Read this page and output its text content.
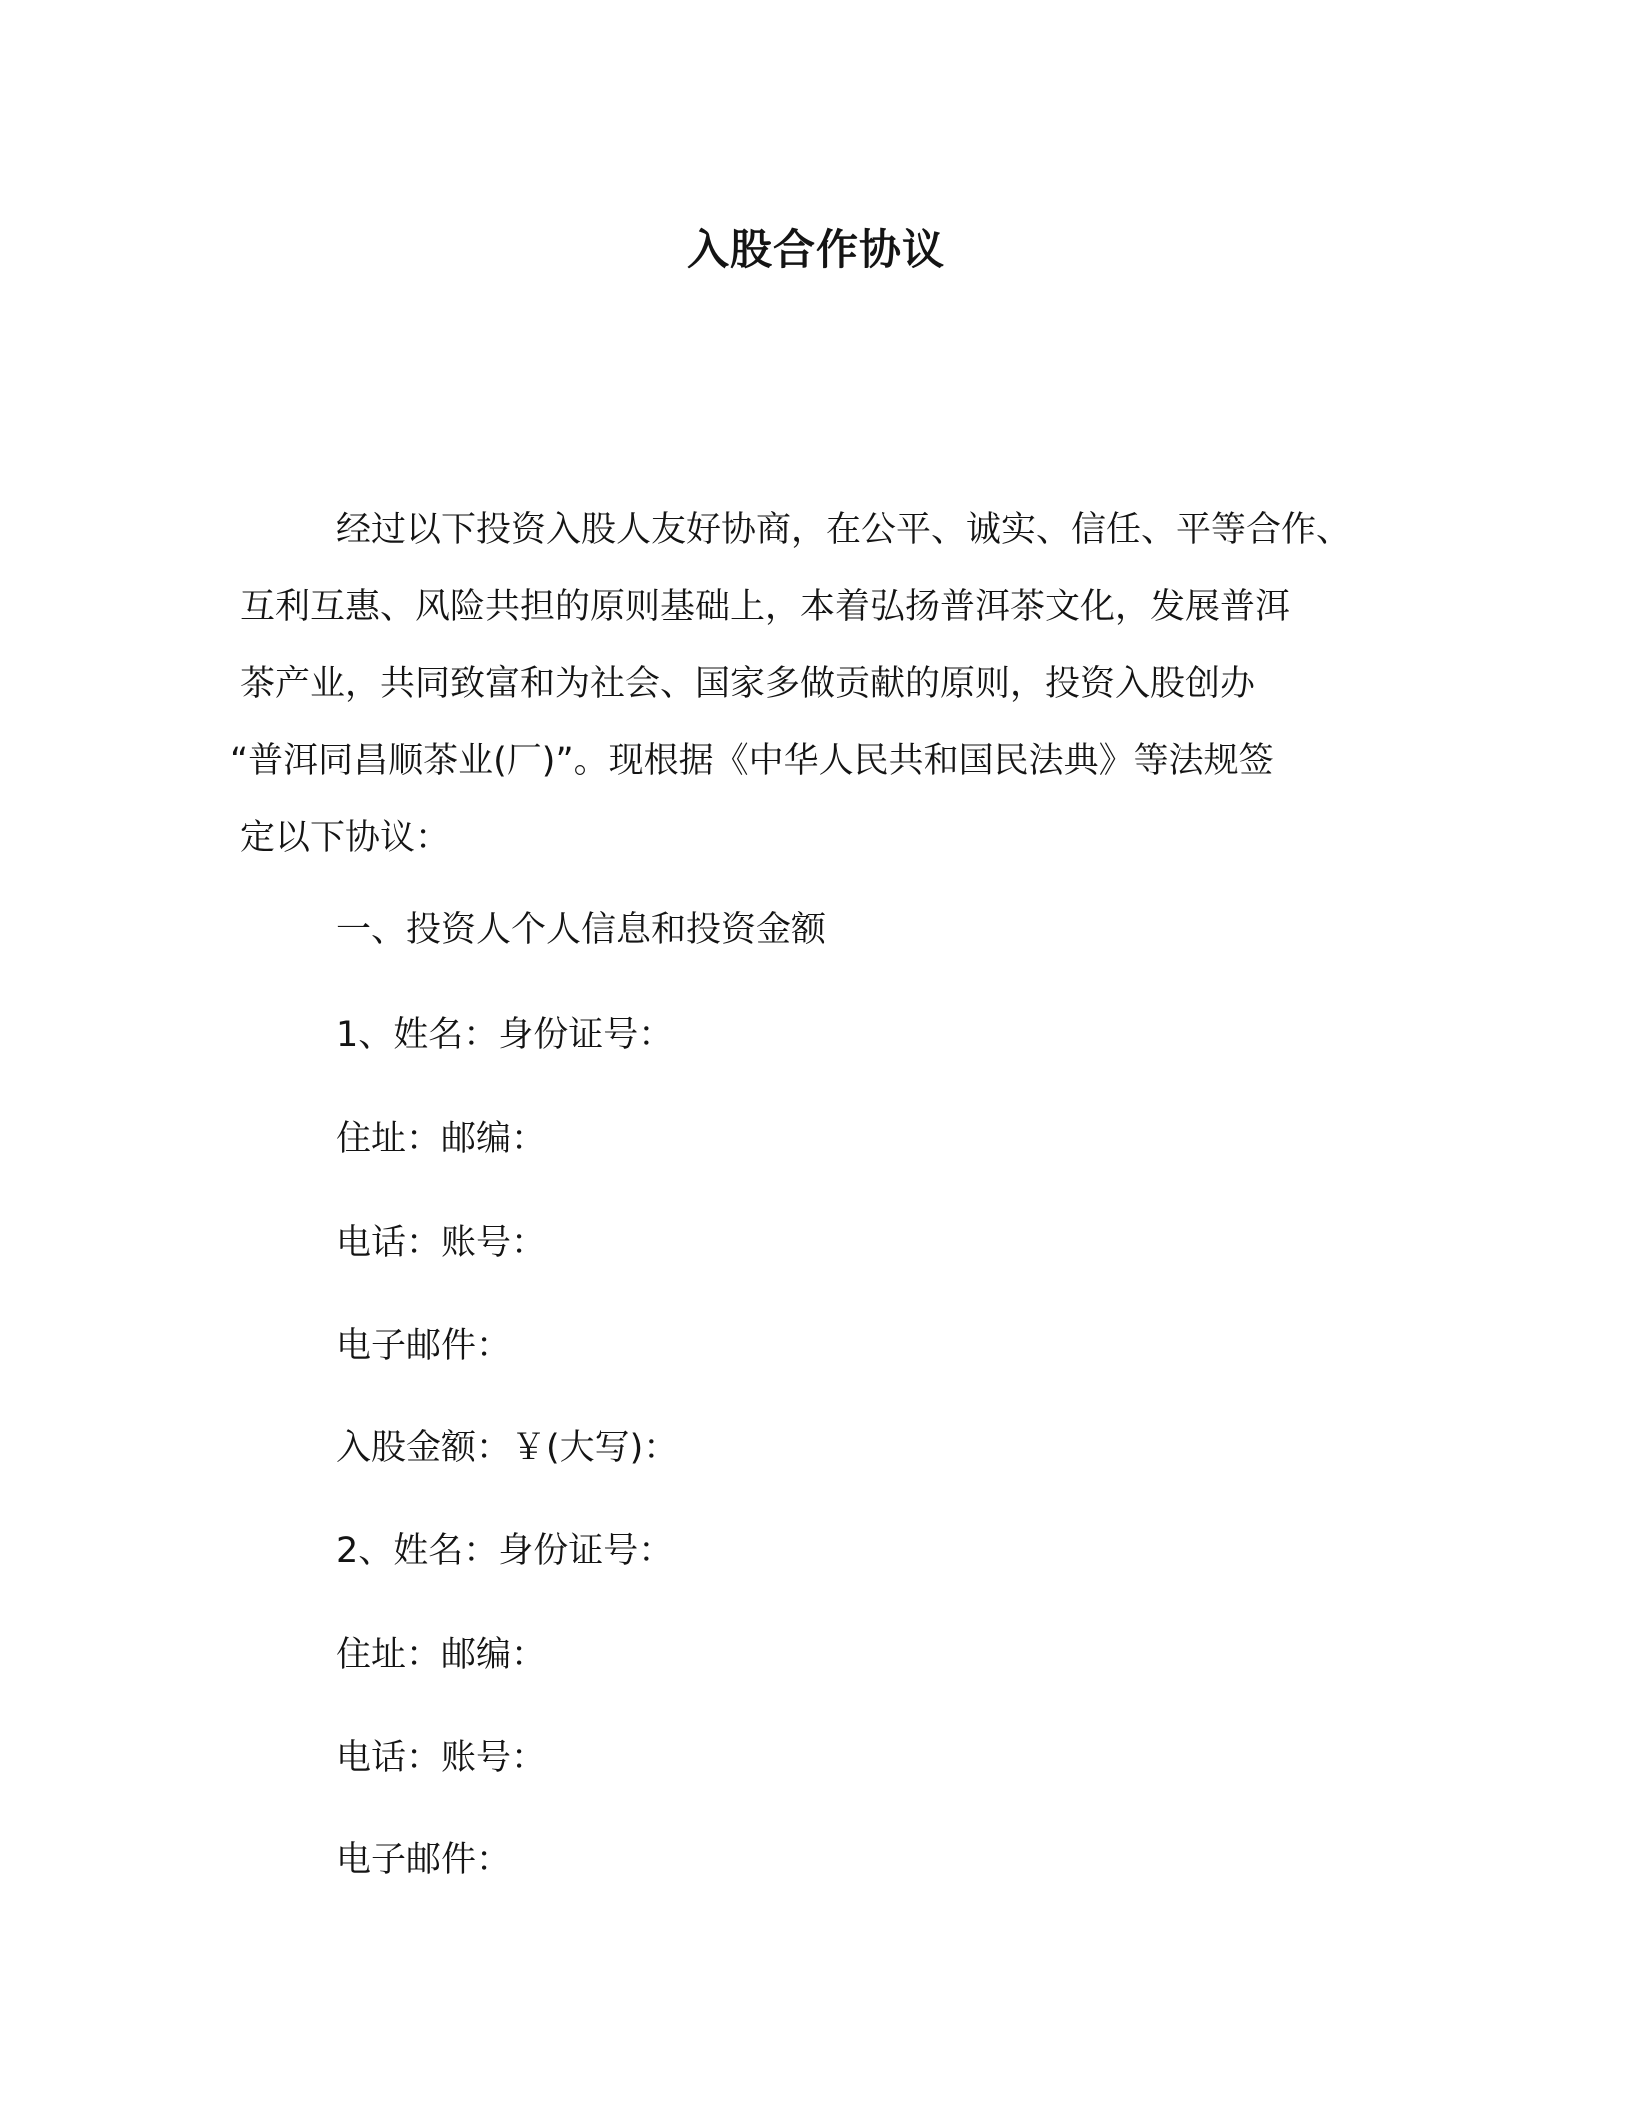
入股合作协议
经过以下投资入股人友好协商，在公平、诚实、信任、平等合作、
互利互惠、风险共担的原则基础上，本着弘扬普洱茶文化，发展普洱
茶产业，共同致富和为社会、国家多做贡献的原则，投资入股创办
“普洱同昌顺茶业(厂)”。现根据《中华人民共和国民法典》等法规签
定以下协议：
一、投资人个人信息和投资金额
1、姓名：身份证号：
住址：邮编：
电话：账号：
电子邮件：
入股金额：￥(大写)：
2、姓名：身份证号：
住址：邮编：
电话：账号：
电子邮件：
